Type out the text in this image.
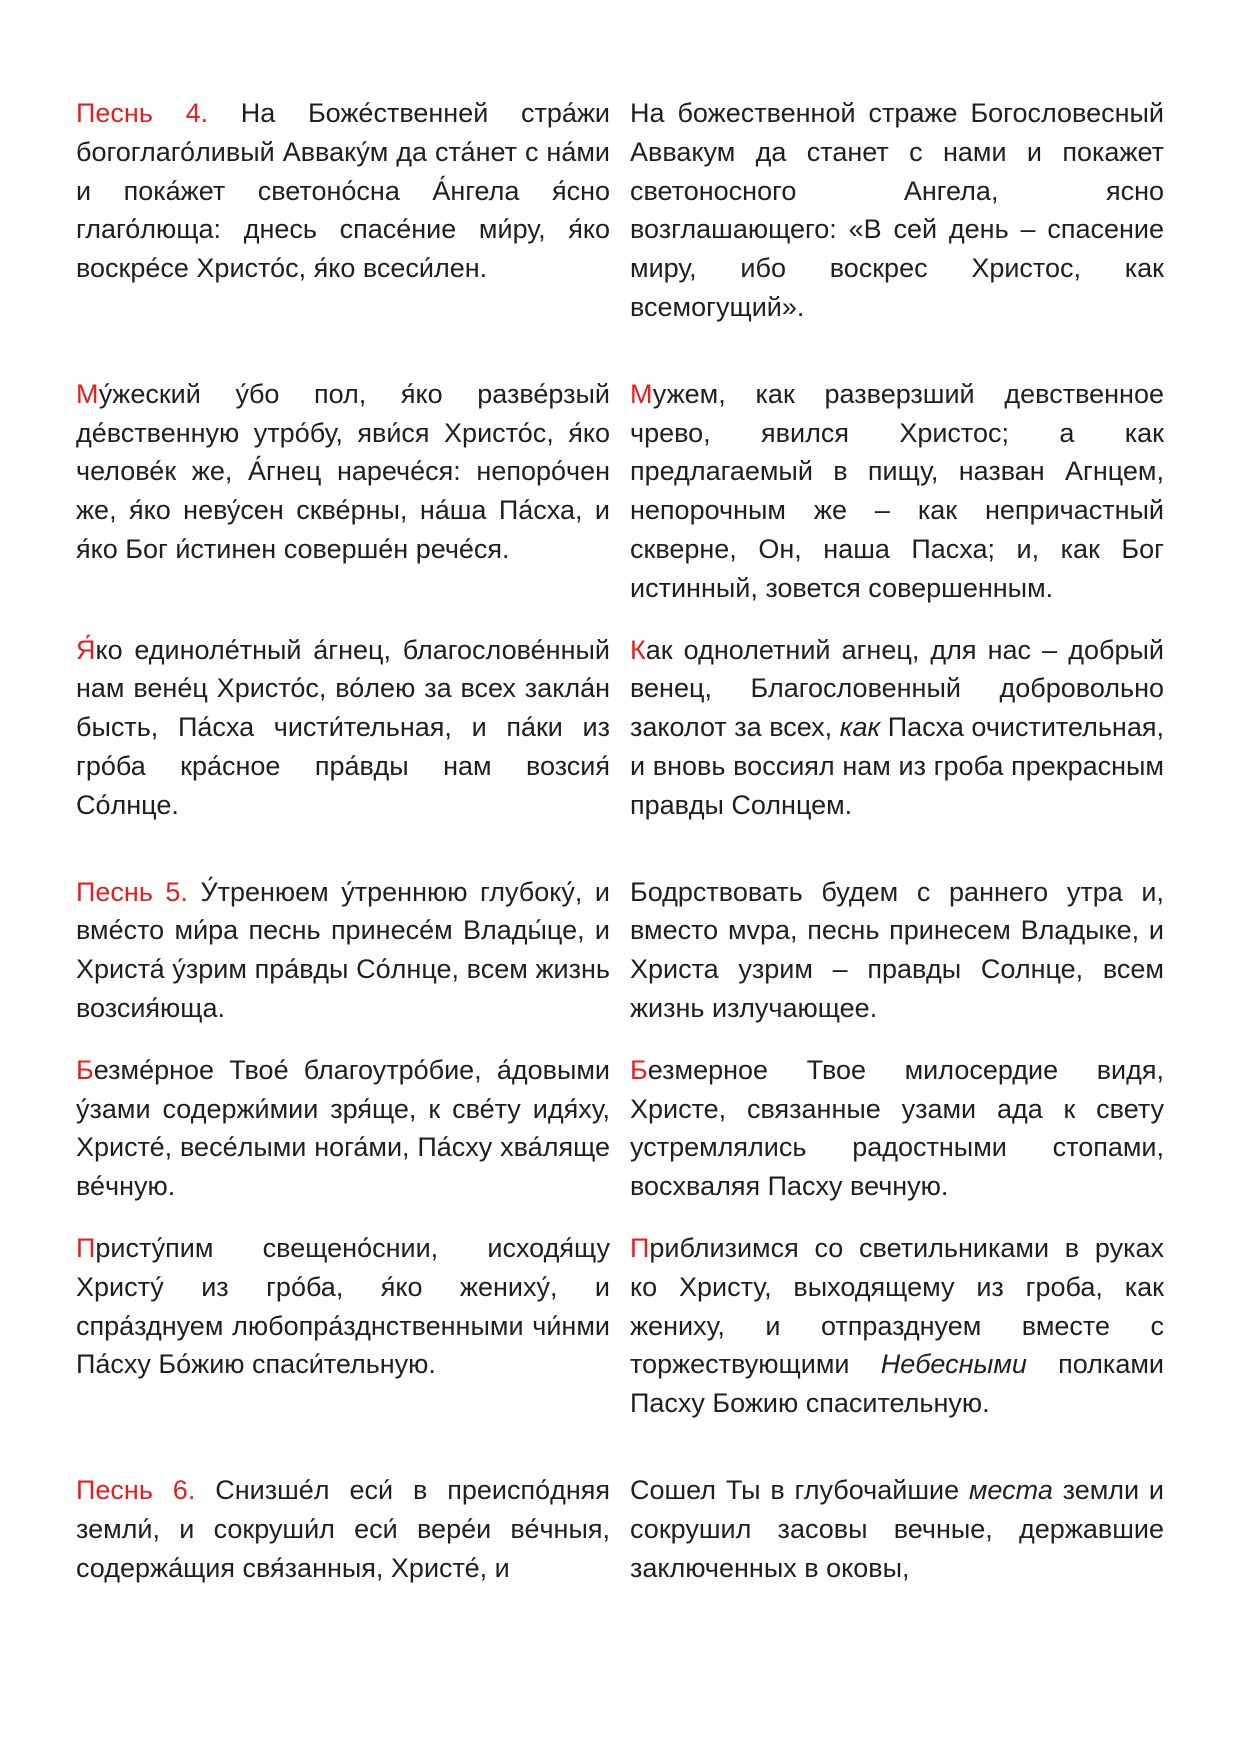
Песнь 4. На Боже́ственней стра́жи богоглаго́ливый Авваку́м да ста́нет с на́ми и пока́жет светоно́сна А́нгела я́сно глаго́люща: днесь спасе́ние ми́ру, я́ко воскре́се Христо́с, я́ко всеси́лен.
На божественной страже Богословесный Аввакум да станет с нами и покажет светоносного Ангела, ясно возглашающего: «В сей день – спасение миру, ибо воскрес Христос, как всемогущий».
Му́жеский у́бо пол, я́ко разве́рзый де́вственную утро́бу, яви́ся Христо́с, я́ко челове́к же, А́гнец нарече́ся: непоро́чен же, я́ко неву́сен скве́рны, на́ша Па́сха, и я́ко Бог и́стинен соверше́н рече́ся.
Мужем, как разверзший девственное чрево, явился Христос; а как предлагаемый в пищу, назван Агнцем, непорочным же – как непричастный скверне, Он, наша Пасха; и, как Бог истинный, зовется совершенным.
Я́ко единоле́тный а́гнец, благослове́нный нам вене́ц Христо́с, во́лею за всех закла́н бысть, Па́сха чисти́тельная, и па́ки из гро́ба кра́сное пра́вды нам возсия́ Со́лнце.
Как однолетний агнец, для нас – добрый венец, Благословенный добровольно заколот за всех, как Пасха очистительная, и вновь воссиял нам из гроба прекрасным правды Солнцем.
Песнь 5. У́тренюем у́треннюю глубоку́, и вме́сто ми́ра песнь принесе́м Влады́це, и Христа́ у́зрим пра́вды Со́лнце, всем жизнь возсия́юща.
Бодрствовать будем с раннего утра и, вместо мvра, песнь принесем Владыке, и Христа узрим – правды Солнце, всем жизнь излучающее.
Безме́рное Твое́ благоутро́бие, а́довыми у́зами содержи́мии зря́ще, к све́ту идя́ху, Христе́, весе́лыми нога́ми, Па́сху хва́ляще ве́чную.
Безмерное Твое милосердие видя, Христе, связанные узами ада к свету устремлялись радостными стопами, восхваляя Пасху вечную.
Присту́пим свещено́снии, исходя́щу Христу́ из гро́ба, я́ко жениху́, и спра́зднуем любопра́зднственными чи́нми Па́сху Бо́жию спаси́тельную.
Приблизимся со светильниками в руках ко Христу, выходящему из гроба, как жениху, и отпразднуем вместе с торжествующими Небесными полками Пасху Божию спасительную.
Песнь 6. Снизше́л еси́ в преиспо́дняя земли́, и сокруши́л еси́ вере́и ве́чныя, содержа́щия свя́занныя, Христе́, и
Сошел Ты в глубочайшие места земли и сокрушил засовы вечные, державшие заключенных в оковы,
